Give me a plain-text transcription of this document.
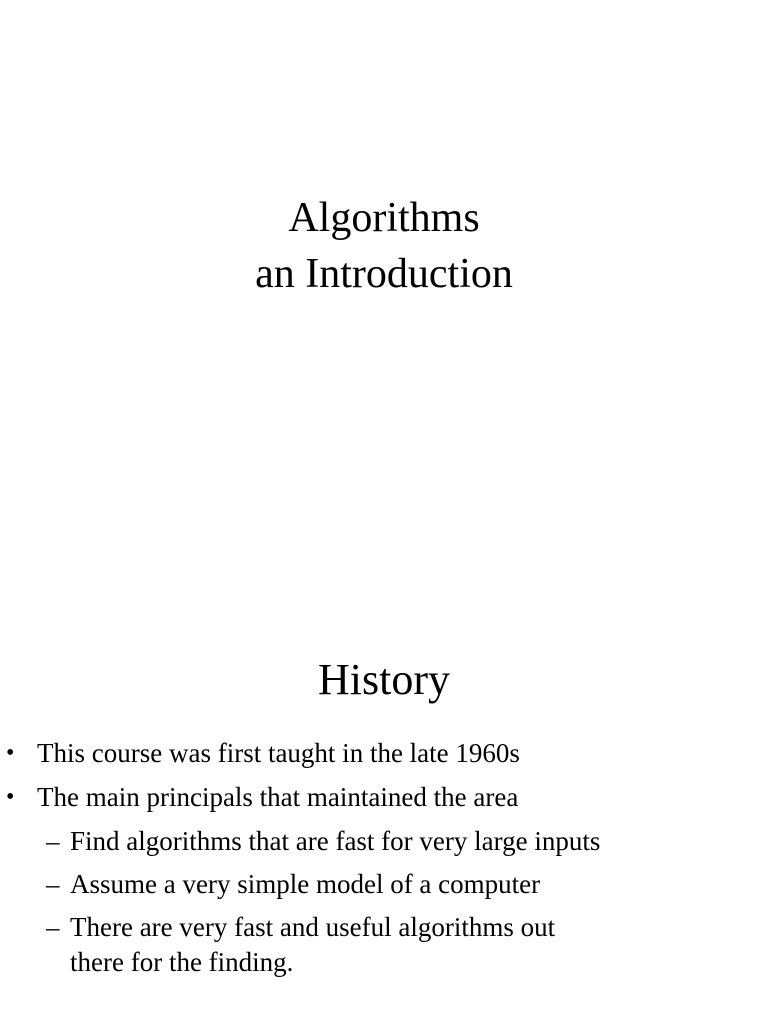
Algorithms
an Introduction
History
• This course was first taught in the late 1960s
• The main principals that maintained the area
– Find algorithms that are fast for very large inputs
– Assume a very simple model of a computer
– There are very fast and useful algorithms out there for the finding.
